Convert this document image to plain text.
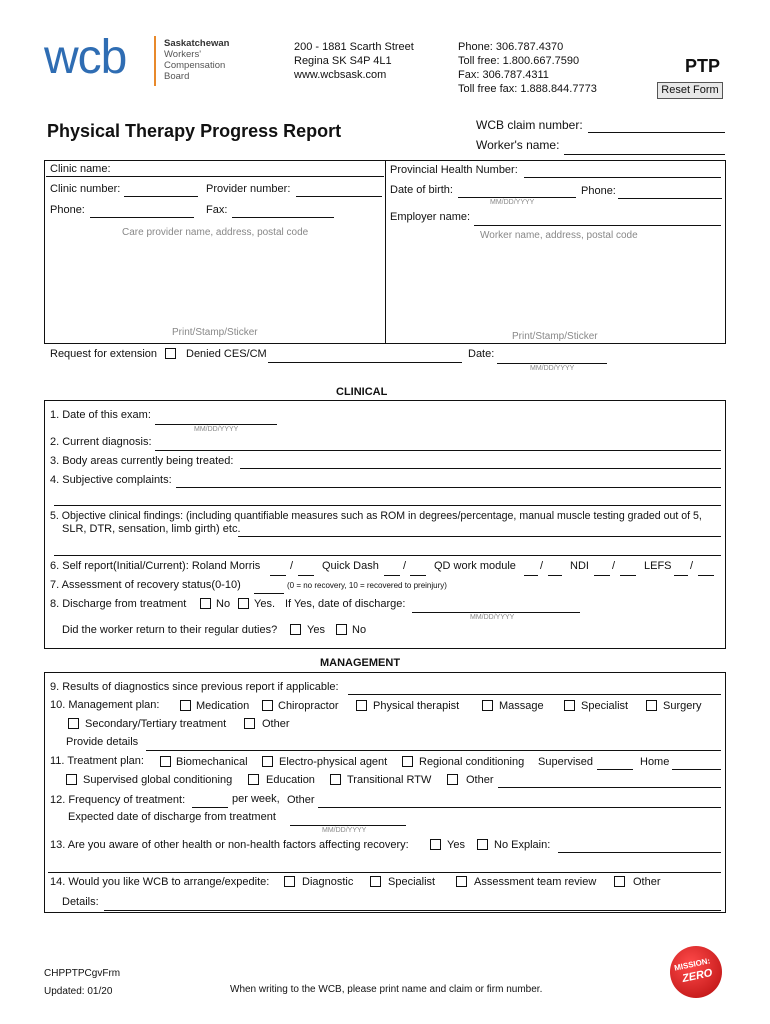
wcb	Saskatchewan
Workers'
Compensation
Board
200 - 1881 Scarth Street
Regina SK S4P 4L1
www.wcbsask.com
Phone: 306.787.4370
Toll free: 1.800.667.7590
Fax: 306.787.4311
Toll free fax: 1.888.844.7773
PTP
Reset Form
Physical Therapy Progress Report	WCB claim number:
Worker's name:
Clinic name:
Clinic number:	Provider number:
Phone:	Fax:
Care provider name, address, postal code
Print/Stamp/Sticker
Provincial Health Number:
Date of birth:
MM/DD/YYYY
Phone:
Employer name:
Worker name, address, postal code
Print/Stamp/Sticker
Request for extension	Denied CES/CM	Date:
MM/DD/YYYY
CLINICAL
1. Date of this exam:
MM/DD/YYYY
2. Current diagnosis:
3. Body areas currently being treated:
4. Subjective complaints:
5. Objective clinical findings: (including quantifiable measures such as ROM in degrees/percentage, manual muscle testing graded out of 5,
SLR, DTR, sensation, limb girth) etc.
6. Self report(Initial/Current): Roland Morris	/	Quick Dash /	QD work module / NDI /	LEFS /
7. Assessment of recovery status(0-10)	(0 = no recovery, 10 = recovered to preinjury)
8. Discharge from treatment	No Yes. If Yes, date of discharge:
MM/DD/YYYY
Did the worker return to their regular duties?	Yes No
MANAGEMENT
9. Results of diagnostics since previous report if applicable:
10. Management plan:	Medication	Chiropractor	Physical therapist	Massage	Specialist	Surgery
Secondary/Tertiary treatment	Other
Provide details
11. Treatment plan:	Biomechanical	Electro-physical agent	Regional conditioning Supervised	Home
Supervised global conditioning	Education	Transitional RTW	Other
12. Frequency of treatment:	per week, Other
Expected date of discharge from treatment
MM/DD/YYYY
13. Are you aware of other health or non-health factors affecting recovery:	Yes	No Explain:
14. Would you like WCB to arrange/expedite:	Diagnostic	Specialist	Assessment team review	Other
Details:
CHPPTPCgvFrm
Updated: 01/20	When writing to the WCB, please print name and claim or firm number.
MISSION:
ZERO
